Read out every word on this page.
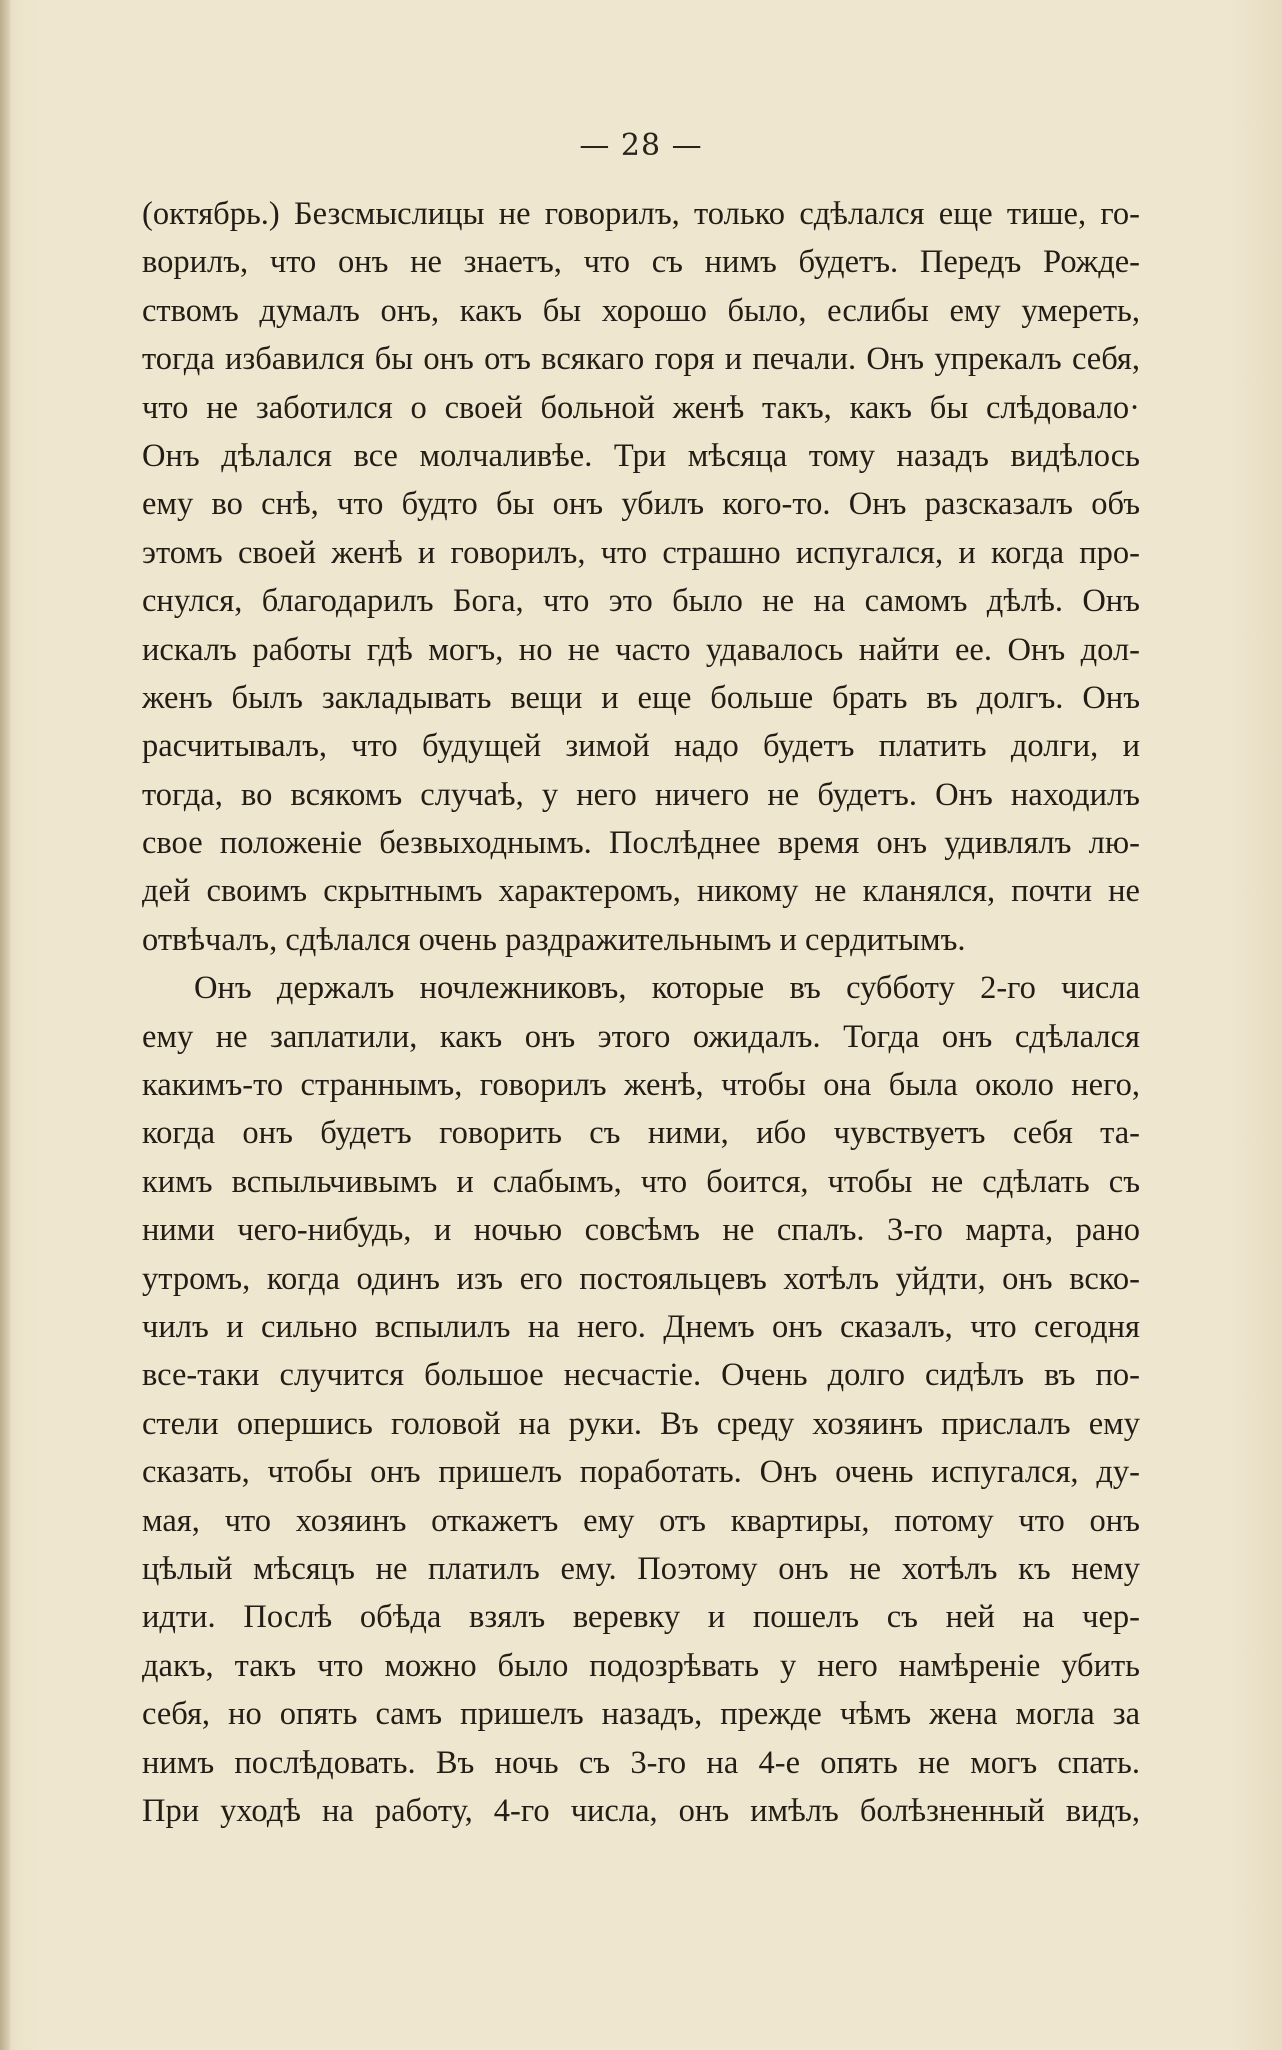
— 28 —
(октябрь.) Безсмыслицы не говорилъ, только сдѣлался еще тише, го-
ворилъ, что онъ не знаетъ, что съ нимъ будетъ. Передъ Рожде-
ствомъ думалъ онъ, какъ бы хорошо было, еслибы ему умереть,
тогда избавился бы онъ отъ всякаго горя и печали. Онъ упрекалъ себя,
что не заботился о своей больной женѣ такъ, какъ бы слѣдовало·
Онъ дѣлался все молчаливѣе. Три мѣсяца тому назадъ видѣлось
ему во снѣ, что будто бы онъ убилъ кого-то. Онъ разсказалъ объ
этомъ своей женѣ и говорилъ, что страшно испугался, и когда про-
снулся, благодарилъ Бога, что это было не на самомъ дѣлѣ. Онъ
искалъ работы гдѣ могъ, но не часто удавалось найти ее. Онъ дол-
женъ былъ закладывать вещи и еще больше брать въ долгъ. Онъ
расчитывалъ, что будущей зимой надо будетъ платить долги, и
тогда, во всякомъ случаѣ, у него ничего не будетъ. Онъ находилъ
свое положеніе безвыходнымъ. Послѣднее время онъ удивлялъ лю-
дей своимъ скрытнымъ характеромъ, никому не кланялся, почти не
отвѣчалъ, сдѣлался очень раздражительнымъ и сердитымъ.
Онъ держалъ ночлежниковъ, которые въ субботу 2-го числа
ему не заплатили, какъ онъ этого ожидалъ. Тогда онъ сдѣлался
какимъ-то страннымъ, говорилъ женѣ, чтобы она была около него,
когда онъ будетъ говорить съ ними, ибо чувствуетъ себя та-
кимъ вспыльчивымъ и слабымъ, что боится, чтобы не сдѣлать съ
ними чего-нибудь, и ночью совсѣмъ не спалъ. 3-го марта, рано
утромъ, когда одинъ изъ его постояльцевъ хотѣлъ уйдти, онъ вско-
чилъ и сильно вспылилъ на него. Днемъ онъ сказалъ, что сегодня
все-таки случится большое несчастіе. Очень долго сидѣлъ въ по-
стели опершись головой на руки. Въ среду хозяинъ прислалъ ему
сказать, чтобы онъ пришелъ поработать. Онъ очень испугался, ду-
мая, что хозяинъ откажетъ ему отъ квартиры, потому что онъ
цѣлый мѣсяцъ не платилъ ему. Поэтому онъ не хотѣлъ къ нему
идти. Послѣ обѣда взялъ веревку и пошелъ съ ней на чер-
дакъ, такъ что можно было подозрѣвать у него намѣреніе убить
себя, но опять самъ пришелъ назадъ, прежде чѣмъ жена могла за
нимъ послѣдовать. Въ ночь съ 3-го на 4-е опять не могъ спать.
При уходѣ на работу, 4-го числа, онъ имѣлъ болѣзненный видъ,
